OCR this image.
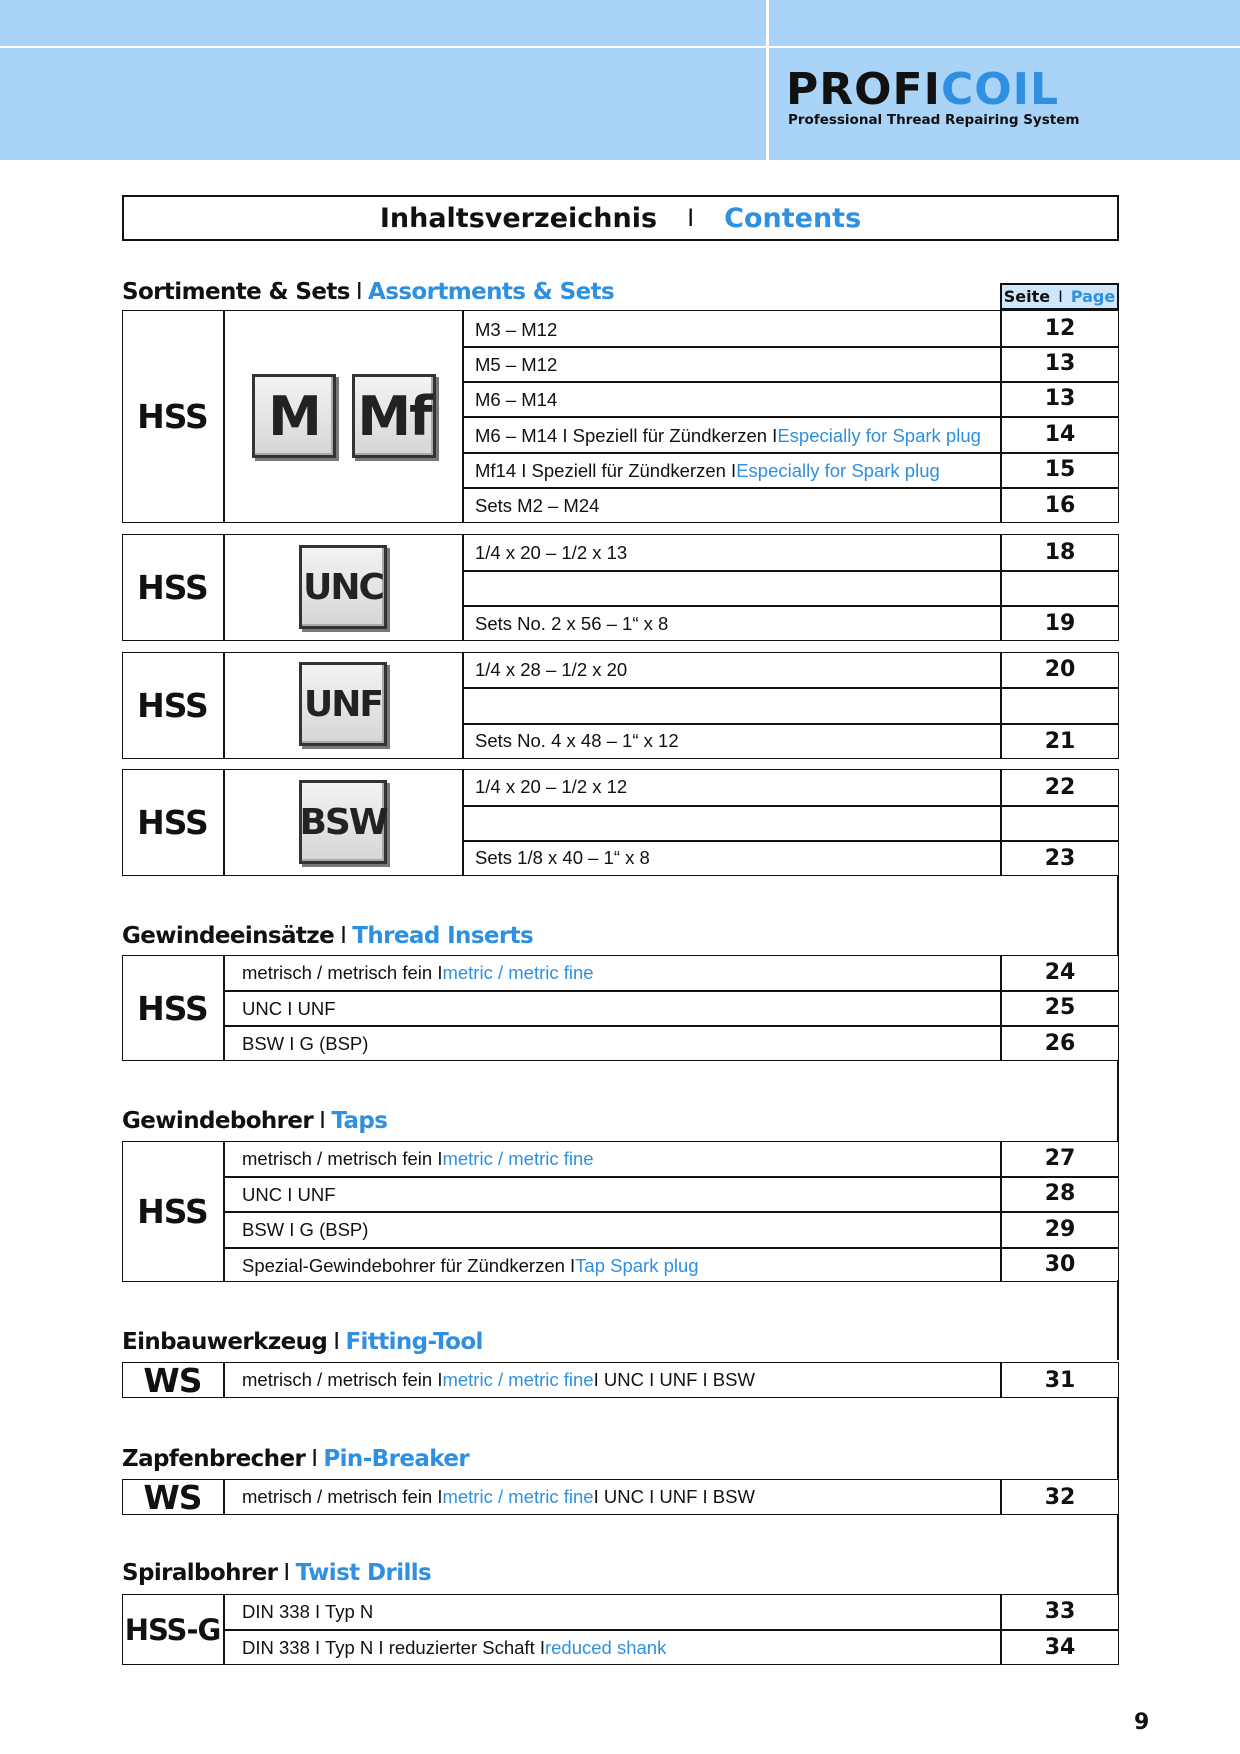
PROFICOIL
Professional Thread Repairing System
Inhaltsverzeichnis I Contents
Sortimente & Sets I Assortments & Sets	Seite I Page
HSS M Mf
M3 – M12	12
M5 – M12	13
M6 – M14	13
M6 – M14 I Speziell für Zündkerzen I Especially for Spark plug	14
Mf14 I Speziell für Zündkerzen I Especially for Spark plug	15
Sets M2 – M24	16
HSS	UNC
1/4 x 20 – 1/2 x 13	18
Sets No. 2 x 56 – 1“ x 8	19
HSS	UNF
1/4 x 28 – 1/2 x 20	20
Sets No. 4 x 48 – 1“ x 12	21
HSS	BSW
1/4 x 20 – 1/2 x 12	22
Sets 1/8 x 40 – 1“ x 8	23
Gewindeeinsätze I Thread Inserts
HSS
metrisch / metrisch fein I metric / metric fine	24
UNC I UNF	25
BSW I G (BSP)	26
Gewindebohrer I Taps
HSS
metrisch / metrisch fein I metric / metric fine	27
UNC I UNF	28
BSW I G (BSP)	29
Spezial-Gewindebohrer für Zündkerzen I Tap Spark plug	30
Einbauwerkzeug I Fitting-Tool
WS	metrisch / metrisch fein I metric / metric fine I UNC I UNF I BSW	31
Zapfenbrecher I Pin-Breaker
WS	metrisch / metrisch fein I metric / metric fine I UNC I UNF I BSW	32
Spiralbohrer I Twist Drills
HSS-G
DIN 338 I Typ N	33
DIN 338 I Typ N I reduzierter Schaft I reduced shank	34
9
